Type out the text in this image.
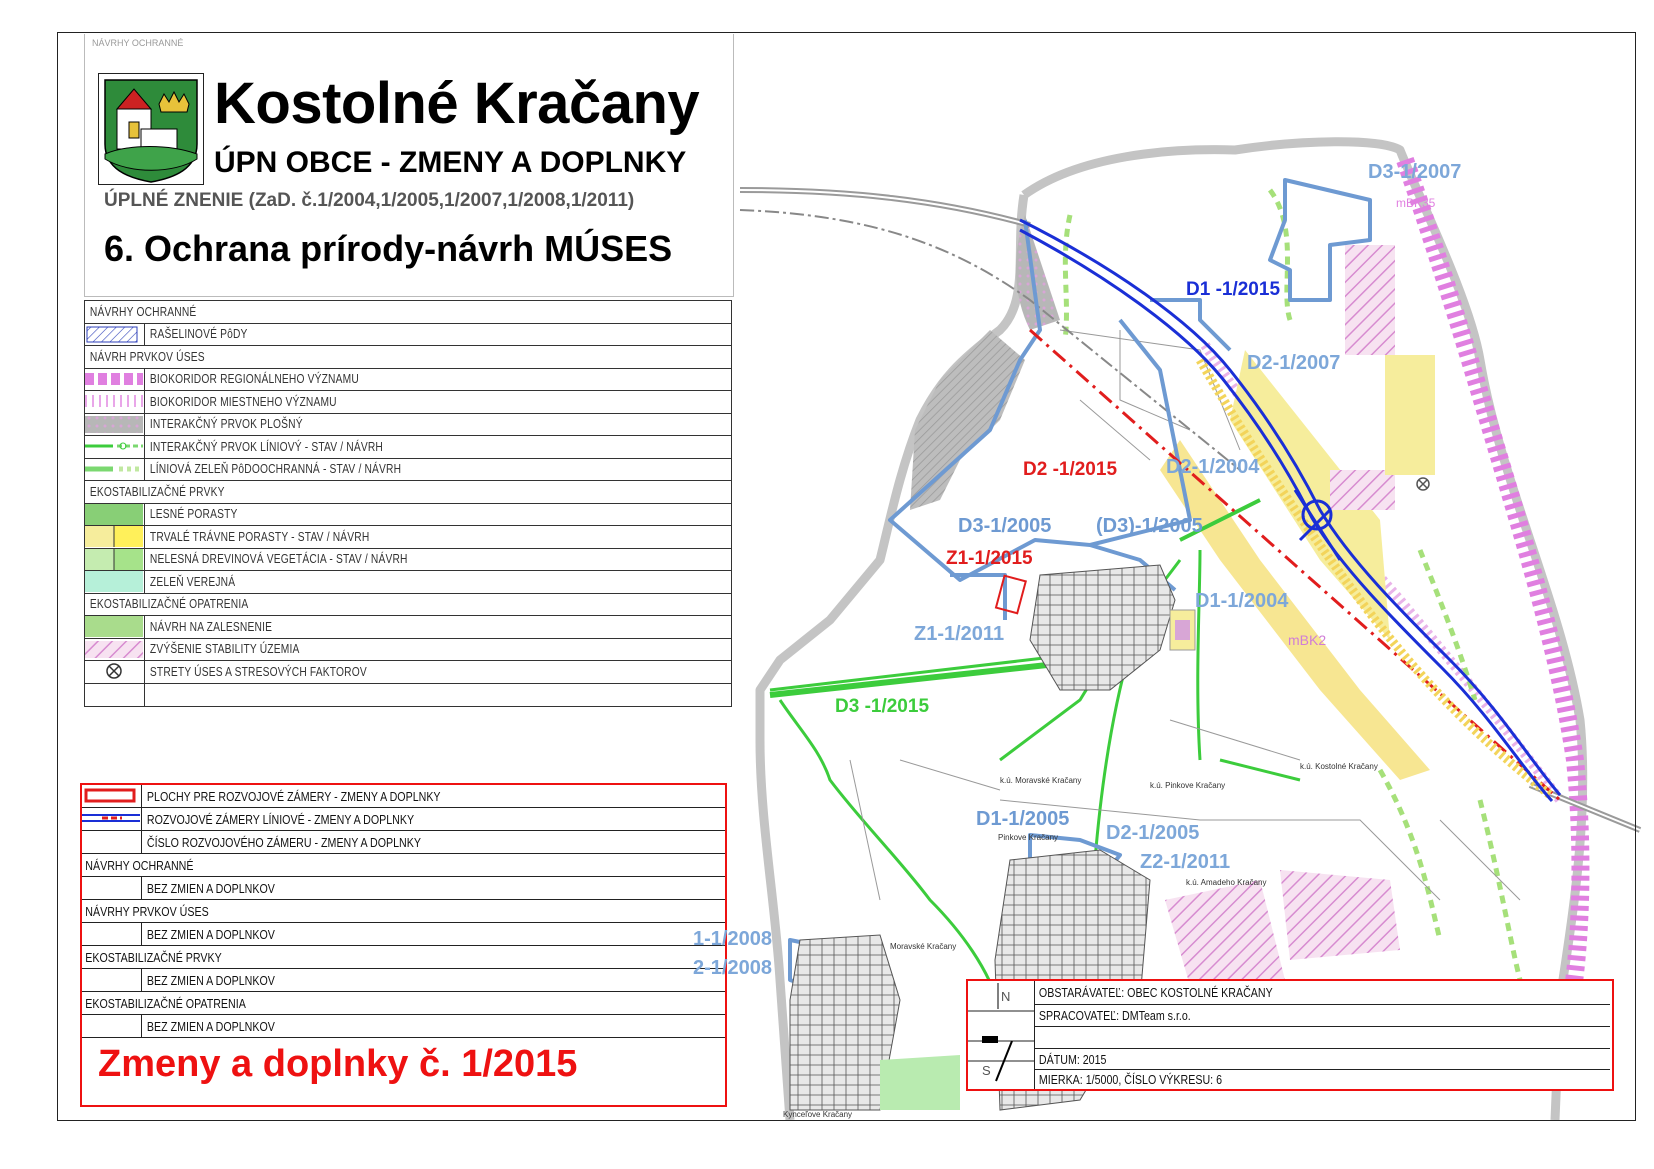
NÁVRHY OCHRANNÉ
Kostolné Kračany
ÚPN OBCE - ZMENY A DOPLNKY
ÚPLNÉ ZNENIE (ZaD. č.1/2004,1/2005,1/2007,1/2008,1/2011)
6. Ochrana prírody-návrh MÚSES
NÁVRHY OCHRANNÉ
RAŠELINOVÉ PôDY
NÁVRH PRVKOV ÚSES
BIOKORIDOR REGIONÁLNEHO VÝZNAMU
BIOKORIDOR MIESTNEHO VÝZNAMU
INTERAKČNÝ PRVOK PLOŠNÝ
INTERAKČNÝ PRVOK LÍNIOVÝ - STAV / NÁVRH
LÍNIOVÁ ZELEŇ PôDOOCHRANNÁ - STAV / NÁVRH
EKOSTABILIZAČNÉ PRVKY
LESNÉ PORASTY
TRVALÉ TRÁVNE PORASTY - STAV / NÁVRH
NELESNÁ DREVINOVÁ VEGETÁCIA - STAV / NÁVRH
ZELEŇ VEREJNÁ
EKOSTABILIZAČNÉ OPATRENIA
NÁVRH NA ZALESNENIE
ZVÝŠENIE STABILITY ÚZEMIA
STRETY ÚSES A STRESOVÝCH FAKTOROV
PLOCHY PRE ROZVOJOVÉ ZÁMERY - ZMENY A DOPLNKY
ROZVOJOVÉ ZÁMERY LÍNIOVÉ - ZMENY A DOPLNKY
ČÍSLO ROZVOJOVÉHO ZÁMERU - ZMENY A DOPLNKY
NÁVRHY OCHRANNÉ
BEZ ZMIEN A DOPLNKOV
NÁVRHY PRVKOV ÚSES
BEZ ZMIEN A DOPLNKOV
EKOSTABILIZAČNÉ PRVKY
BEZ ZMIEN A DOPLNKOV
EKOSTABILIZAČNÉ OPATRENIA
BEZ ZMIEN A DOPLNKOV
Zmeny a doplnky č. 1/2015
N
S
OBSTARÁVATEĽ: OBEC KOSTOLNÉ KRAČANY
SPRACOVATEĽ: DMTeam s.r.o.
DÁTUM: 2015
MIERKA: 1/5000, ČÍSLO VÝKRESU: 6
D3-1/2007
mBK35
D1 -1/2015
D2-1/2007
D2 -1/2015 D2-1/2004
D3-1/2005 (D3)-1/2005
Z1-1/2015
D1-1/2004
Z1-1/2011	mBK2
D3 -1/2015
D1-1/2005
D2-1/2005
Z2-1/2011
1-1/2008
2-1/2008
k.ú. Moravské Kračany
k.ú. Pinkove Kračany
k.ú. Kostolné Kračany
k.ú. Amadeho Kračany
Pinkove Kračany
Moravské Kračany
Kynceľove Kračany
